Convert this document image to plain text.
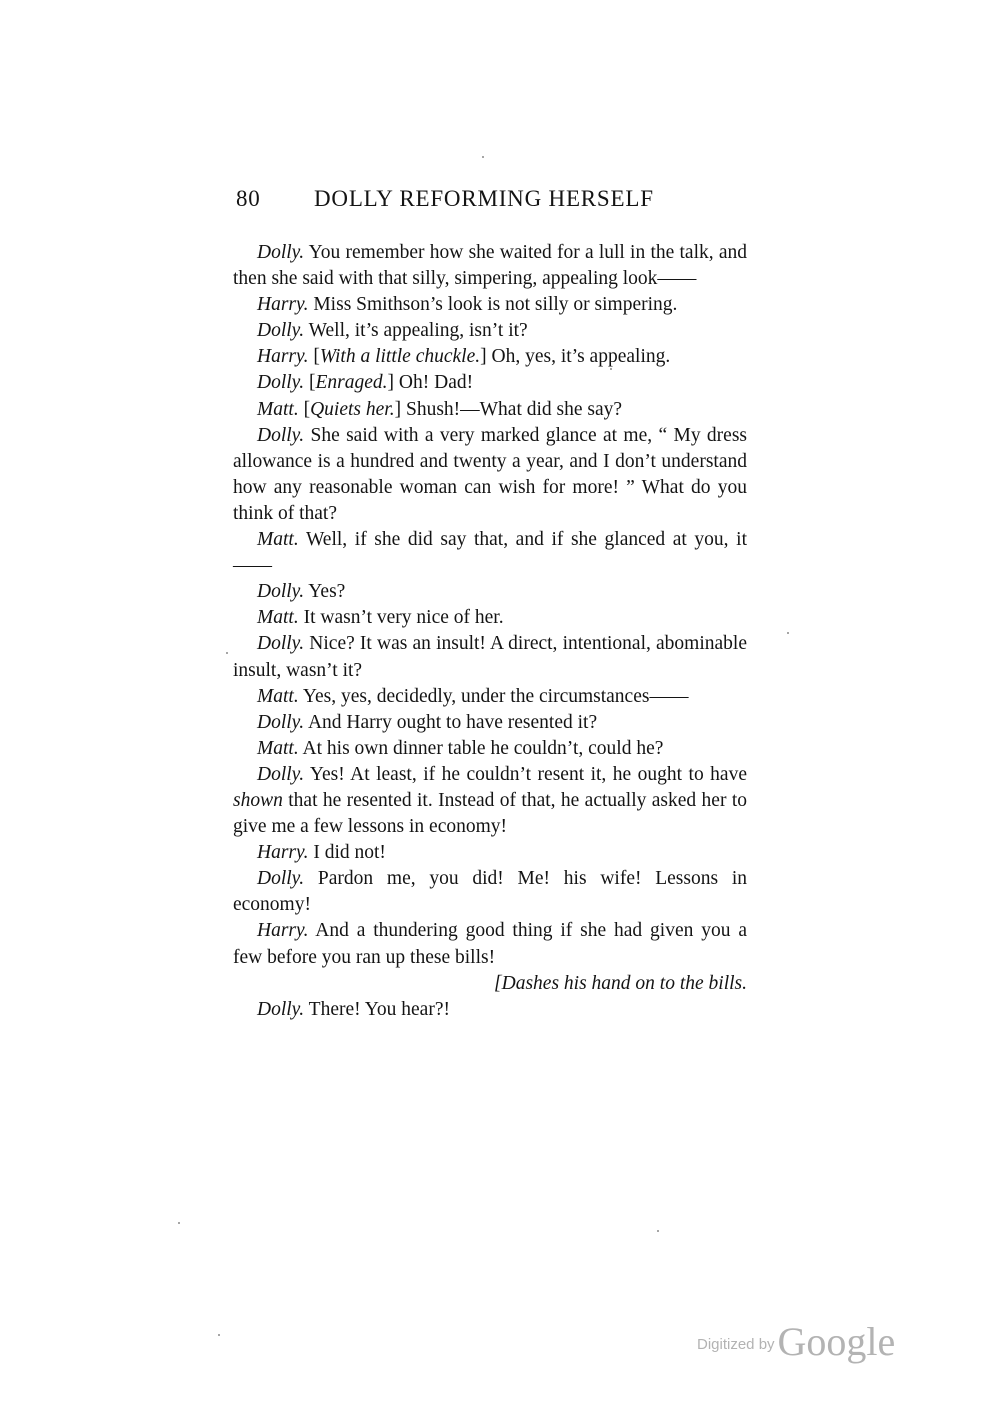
80 DOLLY REFORMING HERSELF

Dolly. You remember how she waited for a lull in the talk, and then she said with that silly, simpering, appealing look——

Harry. Miss Smithson’s look is not silly or simpering.

Dolly. Well, it’s appealing, isn’t it?

Harry. [With a little chuckle.] Oh, yes, it’s appealing.

Dolly. [Enraged.] Oh! Dad!

Matt. [Quiets her.] Shush!—What did she say?

Dolly. She said with a very marked glance at me, “ My dress allowance is a hundred and twenty a year, and I don’t understand how any reasonable woman can wish for more! ” What do you think of that?

Matt. Well, if she did say that, and if she glanced at you, it——

Dolly. Yes?

Matt. It wasn’t very nice of her.

Dolly. Nice? It was an insult! A direct, intentional, abominable insult, wasn’t it?

Matt. Yes, yes, decidedly, under the circumstances——

Dolly. And Harry ought to have resented it?

Matt. At his own dinner table he couldn’t, could he?

Dolly. Yes! At least, if he couldn’t resent it, he ought to have shown that he resented it. Instead of that, he actually asked her to give me a few lessons in economy!

Harry. I did not!

Dolly. Pardon me, you did! Me! his wife! Lessons in economy!

Harry. And a thundering good thing if she had given you a few before you ran up these bills!

[Dashes his hand on to the bills.

Dolly. There! You hear?!

Digitized byGoogle
